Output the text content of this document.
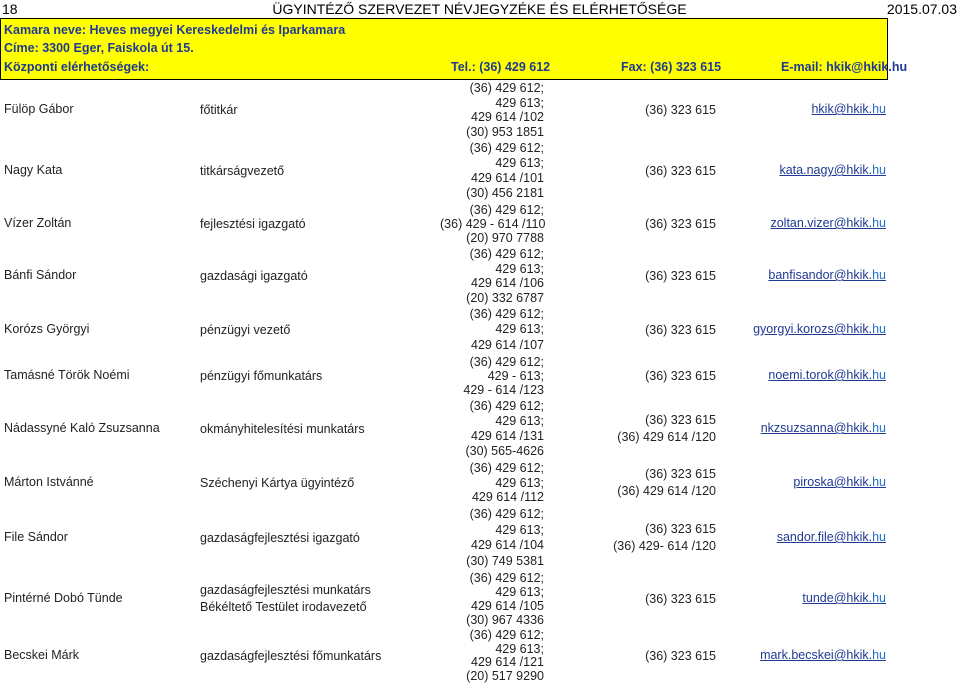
18	ÜGYINTÉZŐ SZERVEZET NÉVJEGYZÉKE ÉS ELÉRHETŐSÉGE	2015.07.03
Kamara neve: Heves megyei Kereskedelmi és Iparkamara
Címe: 3300 Eger, Faiskola út 15.
Központi elérhetőségek:	Tel.: (36) 429 612	Fax: (36) 323 615	E-mail: hkik@hkik.hu
Fülöp Gábor	főtitkár
(36) 429 612;
429 613;
429 614 /102
(30) 953 1851
(36) 323 615	hkik@hkik.hu
Nagy Kata	titkárságvezető
(36) 429 612;
429 613;
429 614 /101
(30) 456 2181
(36) 323 615	kata.nagy@hkik.hu
Vízer Zoltán	fejlesztési igazgató
(36) 429 612;
(36) 429 - 614 /110
(20) 970 7788
(36) 323 615	zoltan.vizer@hkik.hu
Bánfi Sándor	gazdasági igazgató
(36) 429 612;
429 613;
429 614 /106
(20) 332 6787
(36) 323 615	banfisandor@hkik.hu
Korózs Györgyi	pénzügyi vezető
(36) 429 612;
429 613;
429 614 /107
(36) 323 615	gyorgyi.korozs@hkik.hu
Tamásné Török Noémi	pénzügyi főmunkatárs
(36) 429 612;
429 - 613;
429 - 614 /123
(36) 323 615	noemi.torok@hkik.hu
Nádassyné Kaló Zsuzsanna	okmányhitelesítési munkatárs
(36) 429 612;
429 613;
429 614 /131
(30) 565-4626
(36) 323 615
(36) 429 614 /120
nkzsuzsanna@hkik.hu
Márton Istvánné	Széchenyi Kártya ügyintéző
(36) 429 612;
429 613;
429 614 /112
(36) 323 615
(36) 429 614 /120
piroska@hkik.hu
File Sándor	gazdaságfejlesztési igazgató
(36) 429 612;
429 613;
429 614 /104
(30) 749 5381
(36) 323 615
(36) 429- 614 /120
sandor.file@hkik.hu
Pintérné Dobó Tünde
gazdaságfejlesztési munkatárs
Békéltető Testület irodavezető
(36) 429 612;
429 613;
429 614 /105
(30) 967 4336
(36) 323 615	tunde@hkik.hu
Becskei Márk	gazdaságfejlesztési főmunkatárs
(36) 429 612;
429 613;
429 614 /121
(20) 517 9290
(36) 323 615	mark.becskei@hkik.hu
